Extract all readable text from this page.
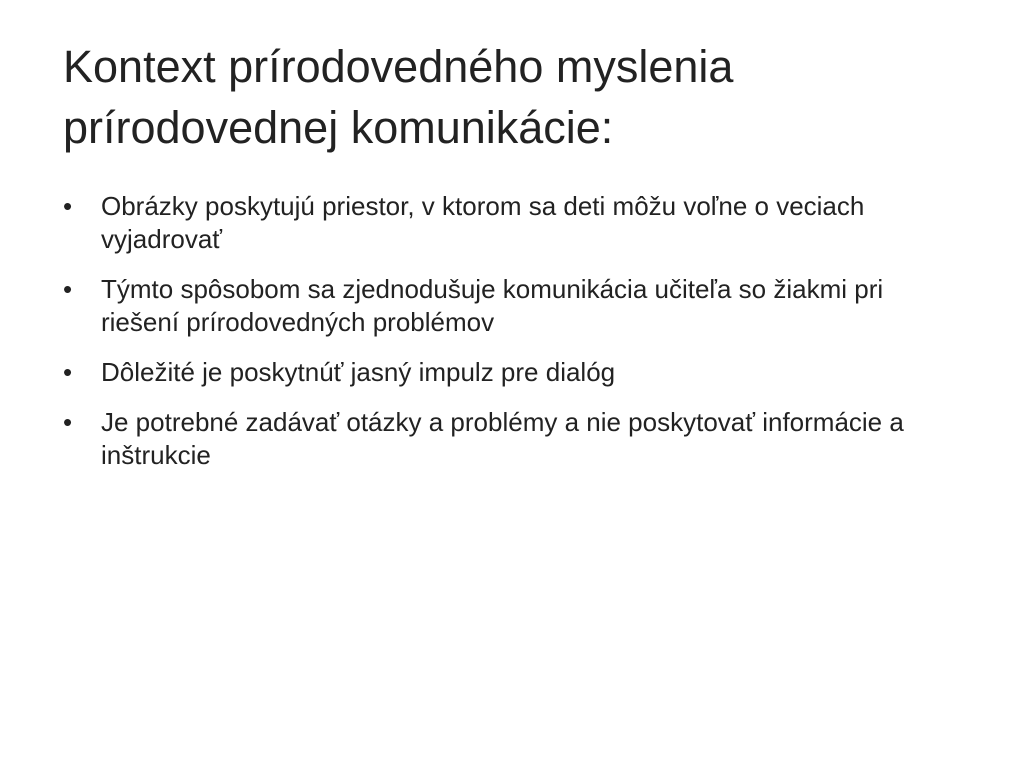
Kontext prírodovedného myslenia
prírodovednej komunikácie:
•	Obrázky poskytujú priestor, v ktorom sa deti môžu voľne o veciach vyjadrovať
•	Týmto spôsobom sa zjednodušuje komunikácia učiteľa so žiakmi pri riešení prírodovedných problémov
•	Dôležité je poskytnúť jasný impulz pre dialóg
•	Je potrebné zadávať otázky a problémy a nie poskytovať informácie a inštrukcie
